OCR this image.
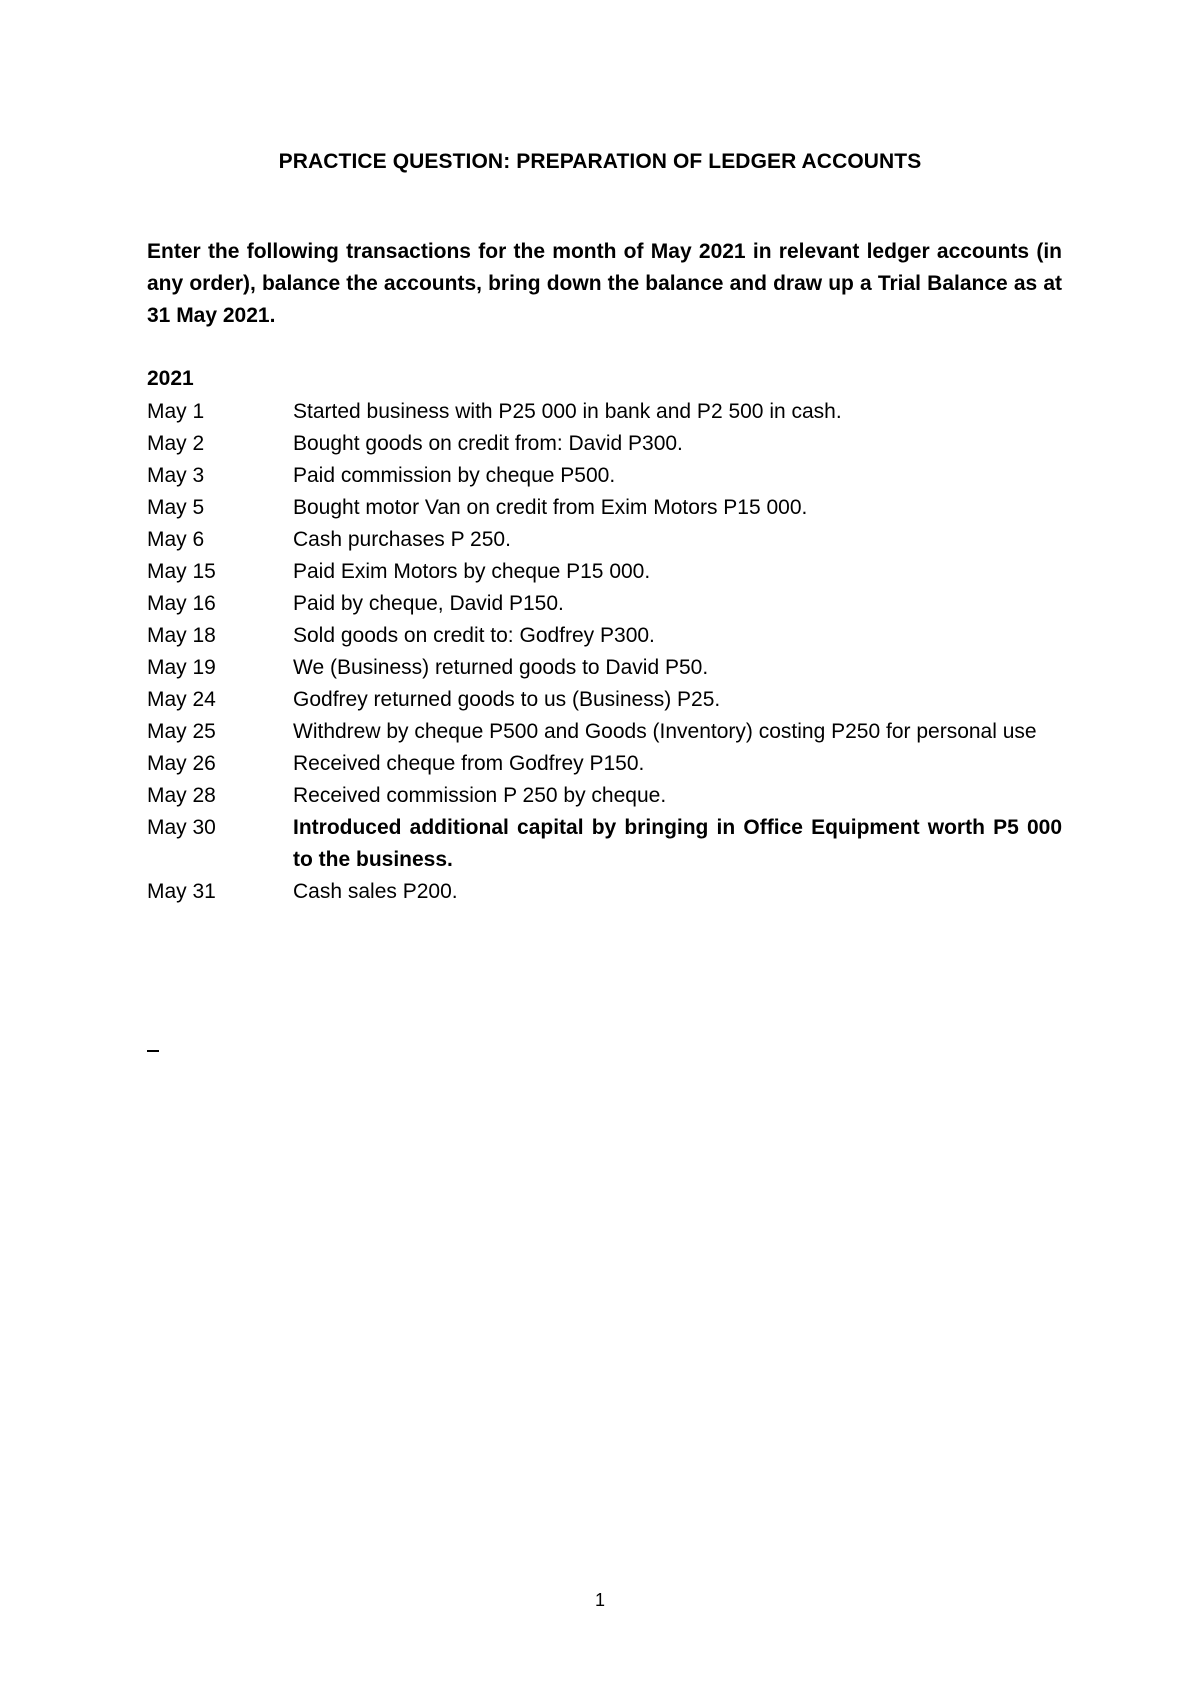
PRACTICE QUESTION: PREPARATION OF LEDGER ACCOUNTS
Enter the following transactions for the month of May 2021 in relevant ledger accounts (in any order), balance the accounts, bring down the balance and draw up a Trial Balance as at 31 May 2021.
2021
May 1	Started business with P25 000 in bank and P2 500 in cash.
May 2	Bought goods on credit from: David P300.
May 3	Paid commission by cheque P500.
May 5	Bought motor Van on credit from Exim Motors P15 000.
May 6	Cash purchases P 250.
May 15	Paid Exim Motors by cheque P15 000.
May 16	Paid by cheque, David P150.
May 18	Sold goods on credit to: Godfrey P300.
May 19	We (Business) returned goods to David P50.
May 24	Godfrey returned goods to us (Business) P25.
May 25	Withdrew by cheque P500 and Goods (Inventory) costing P250 for personal use
May 26	Received cheque from Godfrey P150.
May 28	Received commission P 250 by cheque.
May 30	Introduced additional capital by bringing in Office Equipment worth P5 000 to the business.
May 31	Cash sales P200.
1
